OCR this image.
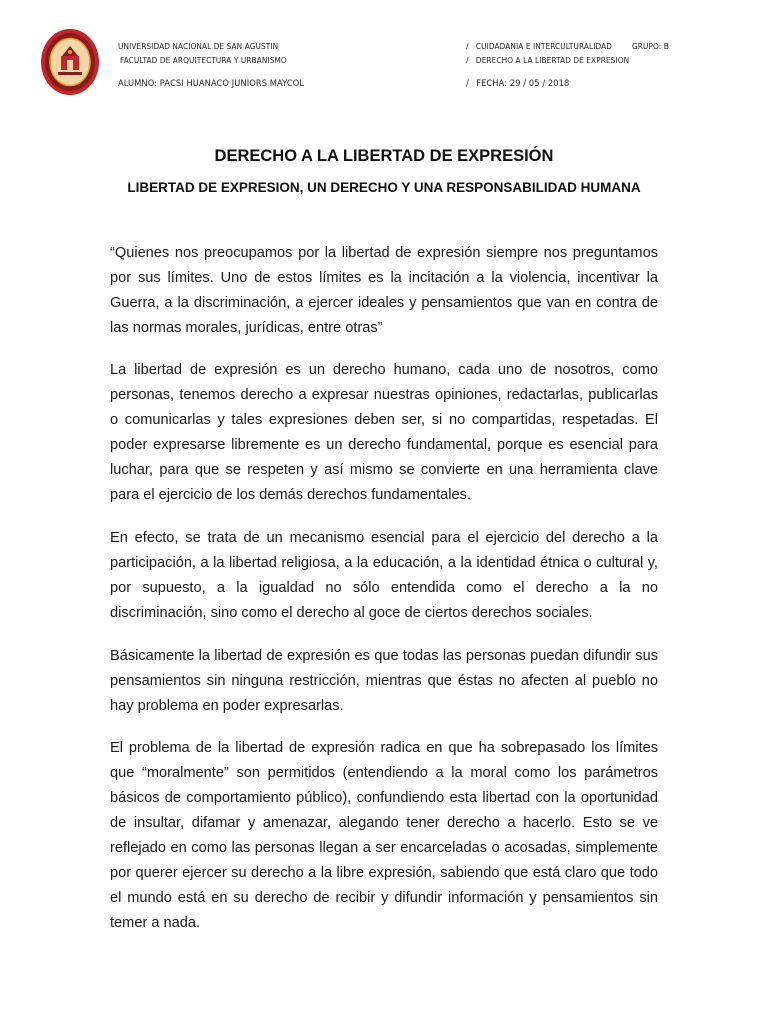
UNIVERSIDAD NACIONAL DE SAN AGUSTIN
FACULTAD DE ARQUITECTURA Y URBANISMO
ALUMNO: PACSI HUANACO JUNIORS MAYCOL
/ CUIDADANIA E INTERCULTURALIDAD GRUPO: B
/ DERECHO A LA LIBERTAD DE EXPRESION
/ FECHA: 29 / 05 / 2018
DERECHO A LA LIBERTAD DE EXPRESIÓN
LIBERTAD DE EXPRESION, UN DERECHO Y UNA RESPONSABILIDAD HUMANA
“Quienes nos preocupamos por la libertad de expresión siempre nos preguntamos por sus límites. Uno de estos límites es la incitación a la violencia, incentivar la Guerra, a la discriminación, a ejercer ideales y pensamientos que van en contra de las normas morales, jurídicas, entre otras”
La libertad de expresión es un derecho humano, cada uno de nosotros, como personas, tenemos derecho a expresar nuestras opiniones, redactarlas, publicarlas o comunicarlas y tales expresiones deben ser, si no compartidas, respetadas. El poder expresarse libremente es un derecho fundamental, porque es esencial para luchar, para que se respeten y así mismo se convierte en una herramienta clave para el ejercicio de los demás derechos fundamentales.
En efecto, se trata de un mecanismo esencial para el ejercicio del derecho a la participación, a la libertad religiosa, a la educación, a la identidad étnica o cultural y, por supuesto, a la igualdad no sólo entendida como el derecho a la no discriminación, sino como el derecho al goce de ciertos derechos sociales.
Básicamente la libertad de expresión es que todas las personas puedan difundir sus pensamientos sin ninguna restricción, mientras que éstas no afecten al pueblo no hay problema en poder expresarlas.
El problema de la libertad de expresión radica en que ha sobrepasado los límites que “moralmente” son permitidos (entendiendo a la moral como los parámetros básicos de comportamiento público), confundiendo esta libertad con la oportunidad de insultar, difamar y amenazar, alegando tener derecho a hacerlo. Esto se ve reflejado en como las personas llegan a ser encarceladas o acosadas, simplemente por querer ejercer su derecho a la libre expresión, sabiendo que está claro que todo el mundo está en su derecho de recibir y difundir información y pensamientos sin temer a nada.
